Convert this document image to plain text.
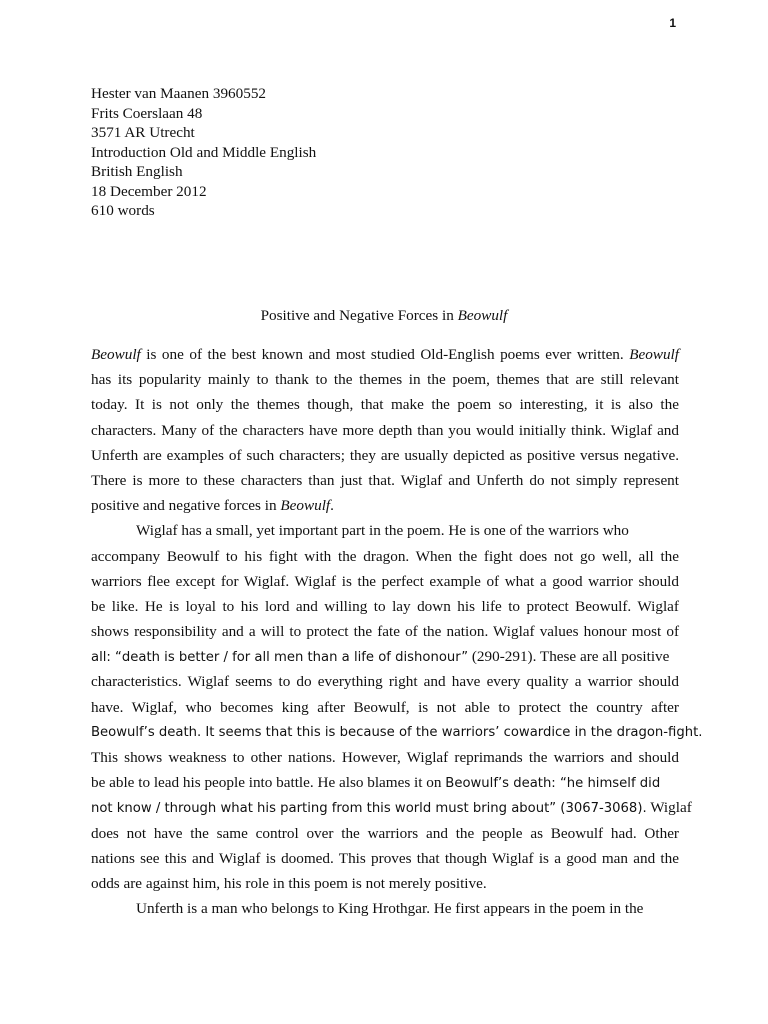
1
Hester van Maanen 3960552
Frits Coerslaan 48
3571 AR Utrecht
Introduction Old and Middle English
British English
18 December 2012
610 words
Positive and Negative Forces in Beowulf
Beowulf is one of the best known and most studied Old-English poems ever written. Beowulf
has its popularity mainly to thank to the themes in the poem, themes that are still relevant
today. It is not only the themes though, that make the poem so interesting, it is also the
characters. Many of the characters have more depth than you would initially think. Wiglaf and
Unferth are examples of such characters; they are usually depicted as positive versus negative.
There is more to these characters than just that. Wiglaf and Unferth do not simply represent
positive and negative forces in Beowulf.
Wiglaf has a small, yet important part in the poem. He is one of the warriors who
accompany Beowulf to his fight with the dragon. When the fight does not go well, all the
warriors flee except for Wiglaf. Wiglaf is the perfect example of what a good warrior should
be like. He is loyal to his lord and willing to lay down his life to protect Beowulf. Wiglaf
shows responsibility and a will to protect the fate of the nation. Wiglaf values honour most of
all: “death is better / for all men than a life of dishonour” (290-291). These are all positive
characteristics. Wiglaf seems to do everything right and have every quality a warrior should
have. Wiglaf, who becomes king after Beowulf, is not able to protect the country after
Beowulf’s death. It seems that this is because of the warriors’ cowardice in the dragon-fight.
This shows weakness to other nations. However, Wiglaf reprimands the warriors and should
be able to lead his people into battle. He also blames it on Beowulf’s death: “he himself did
not know / through what his parting from this world must bring about” (3067-3068). Wiglaf
does not have the same control over the warriors and the people as Beowulf had. Other
nations see this and Wiglaf is doomed. This proves that though Wiglaf is a good man and the
odds are against him, his role in this poem is not merely positive.
Unferth is a man who belongs to King Hrothgar. He first appears in the poem in the
